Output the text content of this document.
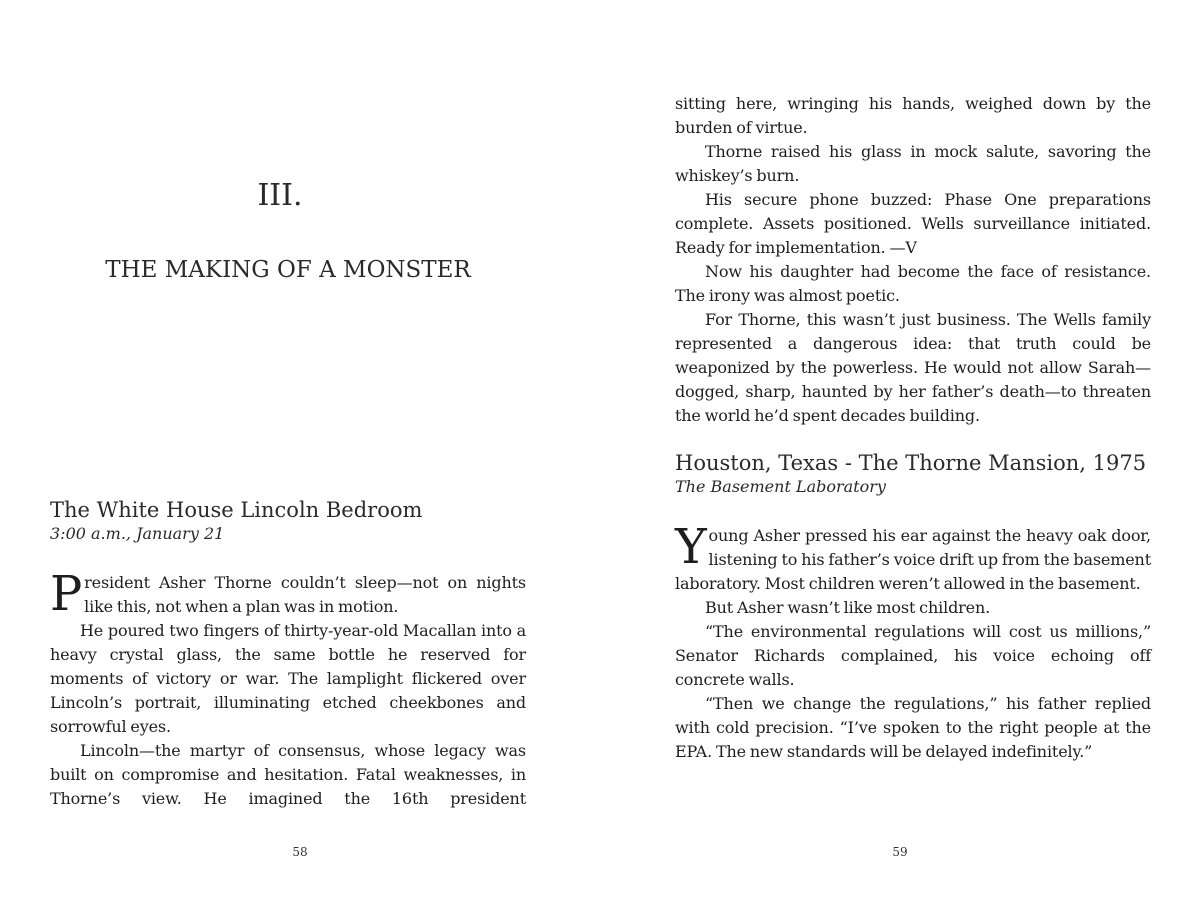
III.
THE MAKING OF A MONSTER
The White House Lincoln Bedroom
3:00 a.m., January 21

President Asher Thorne couldn’t sleep—not on nights like this, not when a plan was in motion.

He poured two fingers of thirty-year-old Macallan into a heavy crystal glass, the same bottle he reserved for moments of victory or war. The lamplight flickered over Lincoln’s portrait, illuminating etched cheekbones and sorrowful eyes.

Lincoln—the martyr of consensus, whose legacy was built on compromise and hesitation. Fatal weaknesses, in Thorne’s view. He imagined the 16th president

58

sitting here, wringing his hands, weighed down by the burden of virtue.

Thorne raised his glass in mock salute, savoring the whiskey’s burn.

His secure phone buzzed: Phase One preparations complete. Assets positioned. Wells surveillance initiated. Ready for implementation. —V

Now his daughter had become the face of resistance. The irony was almost poetic.

For Thorne, this wasn’t just business. The Wells family represented a dangerous idea: that truth could be weaponized by the powerless. He would not allow Sarah—dogged, sharp, haunted by her father’s death—to threaten the world he’d spent decades building.

Houston, Texas - The Thorne Mansion, 1975
The Basement Laboratory

Young Asher pressed his ear against the heavy oak door, listening to his father’s voice drift up from the basement laboratory. Most children weren’t allowed in the basement.

But Asher wasn’t like most children.

“The environmental regulations will cost us millions,” Senator Richards complained, his voice echoing off concrete walls.

“Then we change the regulations,” his father replied with cold precision. “I’ve spoken to the right people at the EPA. The new standards will be delayed indefinitely.”

59
